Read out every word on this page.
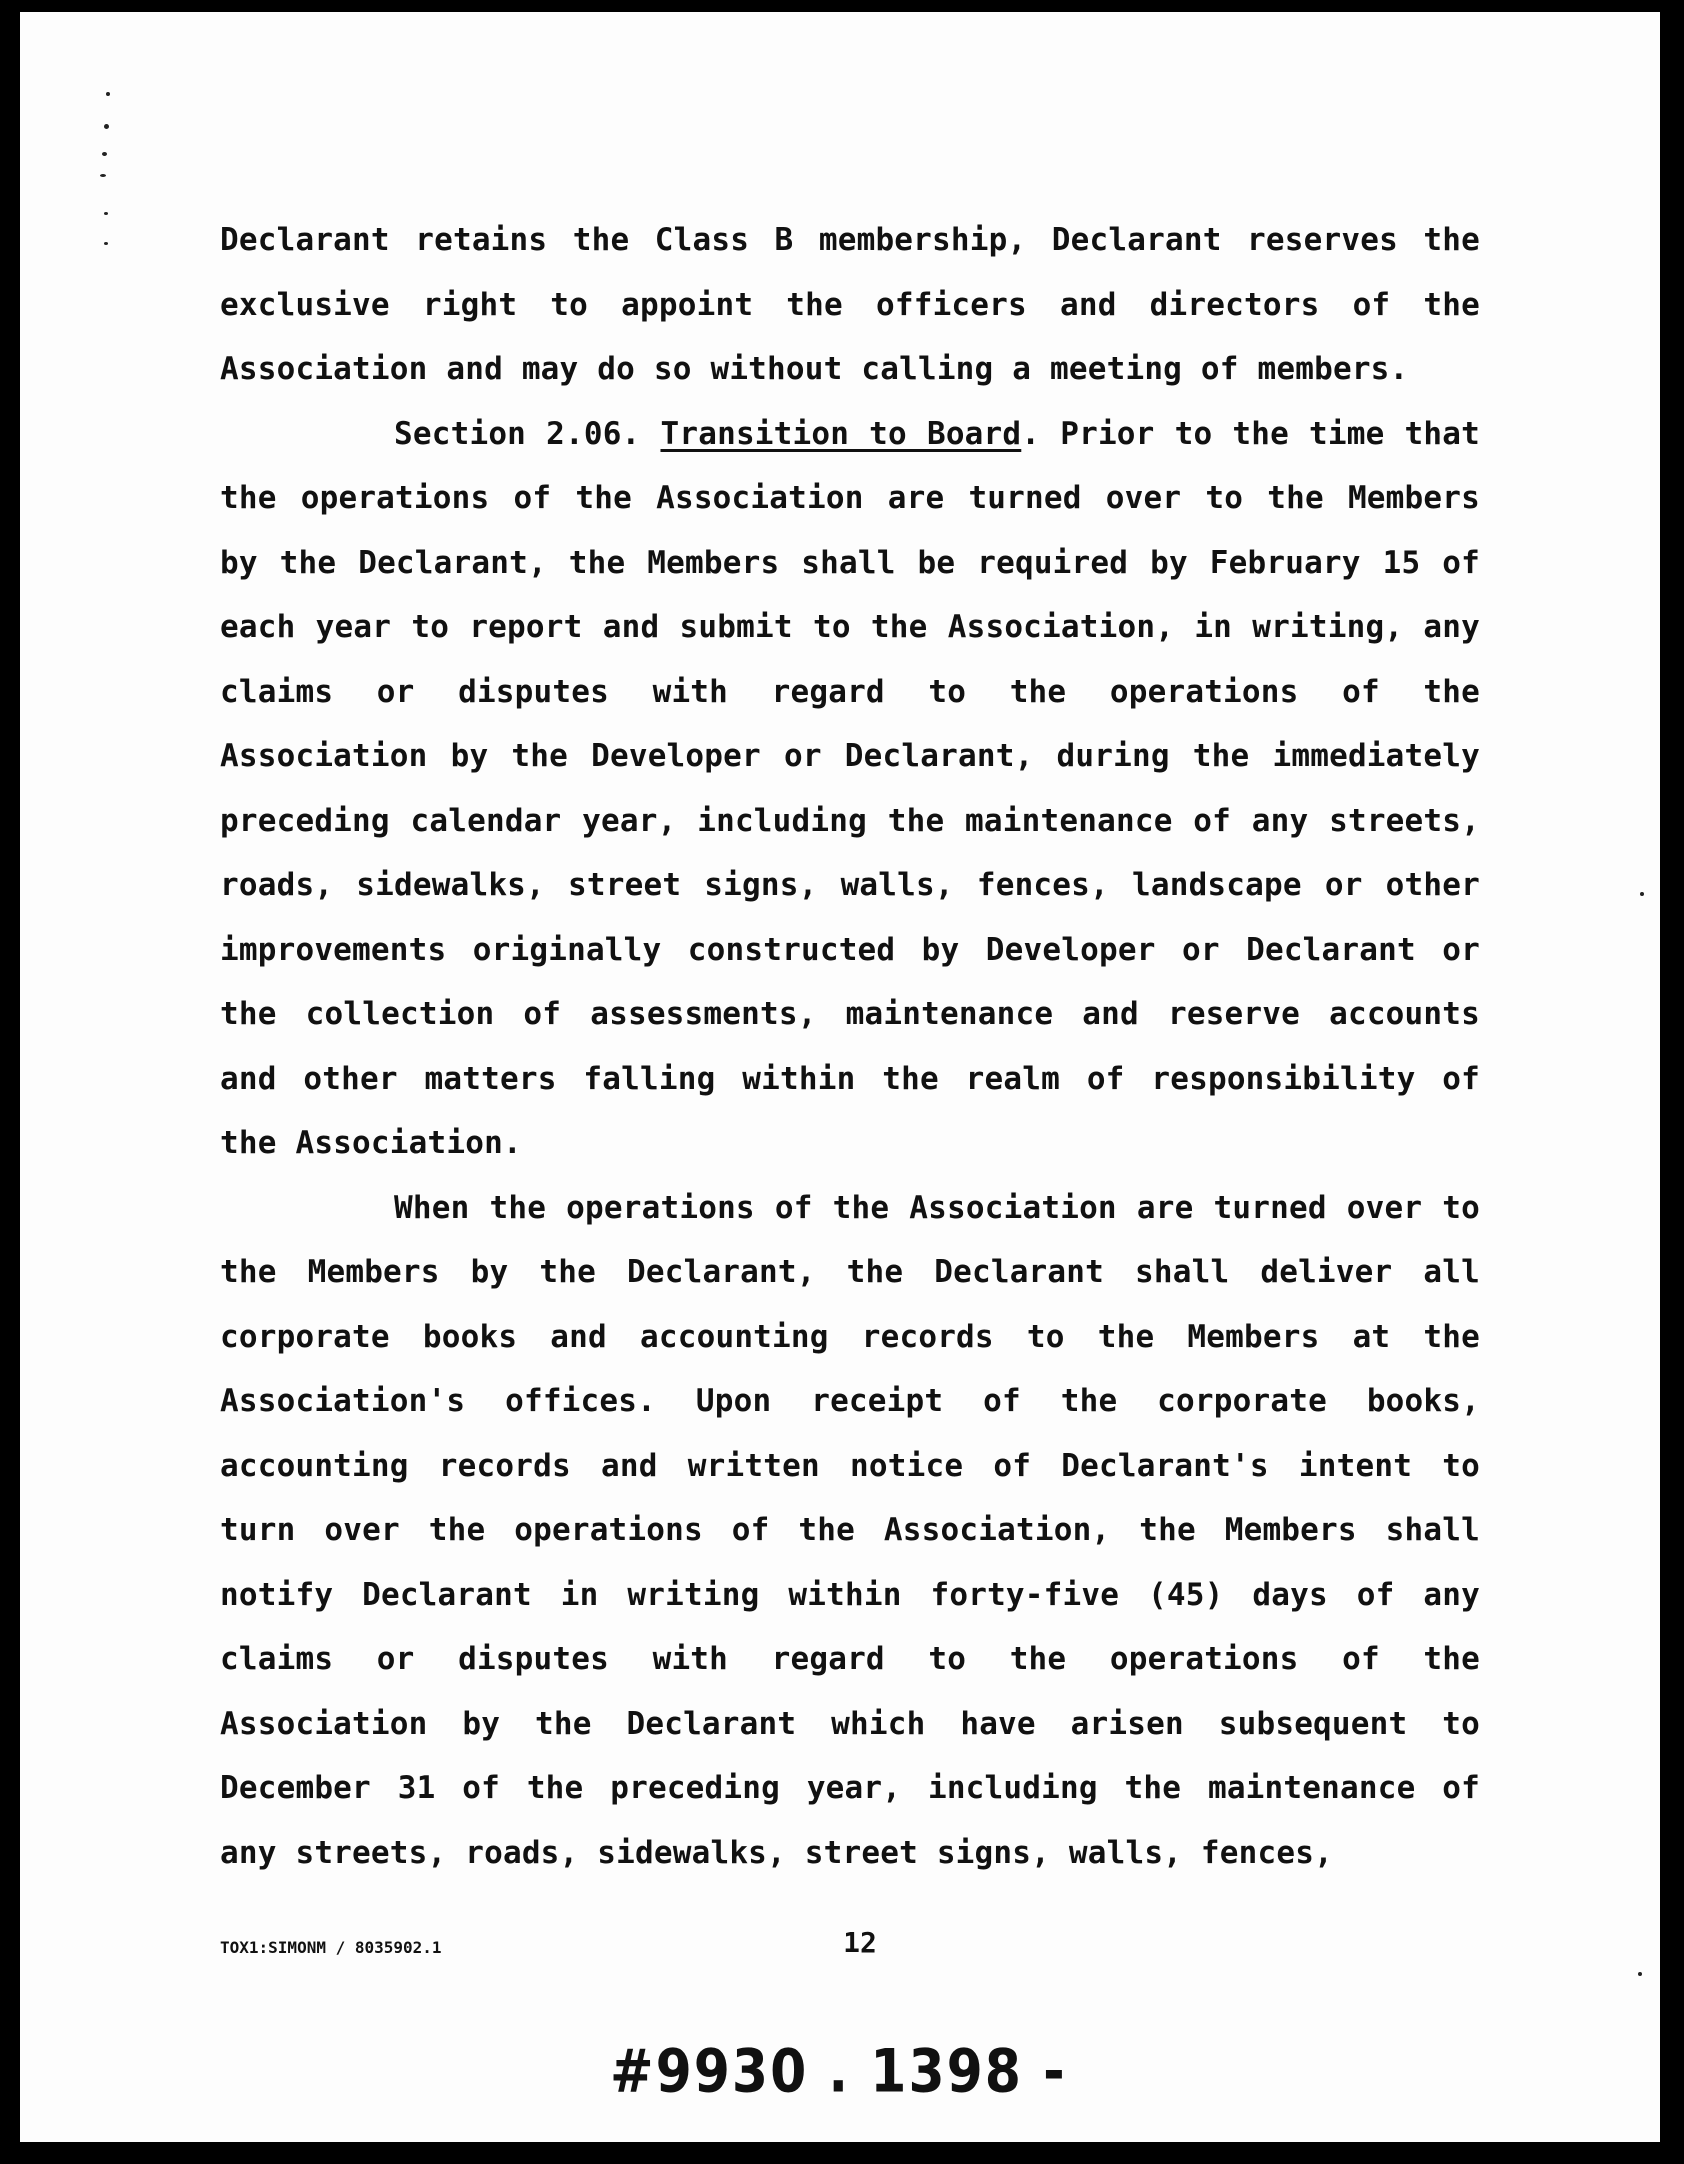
Declarant retains the Class B membership, Declarant reserves the exclusive right to appoint the officers and directors of the Association and may do so without calling a meeting of members.

Section 2.06. Transition to Board. Prior to the time that the operations of the Association are turned over to the Members by the Declarant, the Members shall be required by February 15 of each year to report and submit to the Association, in writing, any claims or disputes with regard to the operations of the Association by the Developer or Declarant, during the immediately preceding calendar year, including the maintenance of any streets, roads, sidewalks, street signs, walls, fences, landscape or other improvements originally constructed by Developer or Declarant or the collection of assessments, maintenance and reserve accounts and other matters falling within the realm of responsibility of the Association.

When the operations of the Association are turned over to the Members by the Declarant, the Declarant shall deliver all corporate books and accounting records to the Members at the Association's offices. Upon receipt of the corporate books, accounting records and written notice of Declarant's intent to turn over the operations of the Association, the Members shall notify Declarant in writing within forty-five (45) days of any claims or disputes with regard to the operations of the Association by the Declarant which have arisen subsequent to December 31 of the preceding year, including the maintenance of any streets, roads, sidewalks, street signs, walls, fences,

TOX1:SIMONM / 8035902.1	12
#9930 . 1398 -
